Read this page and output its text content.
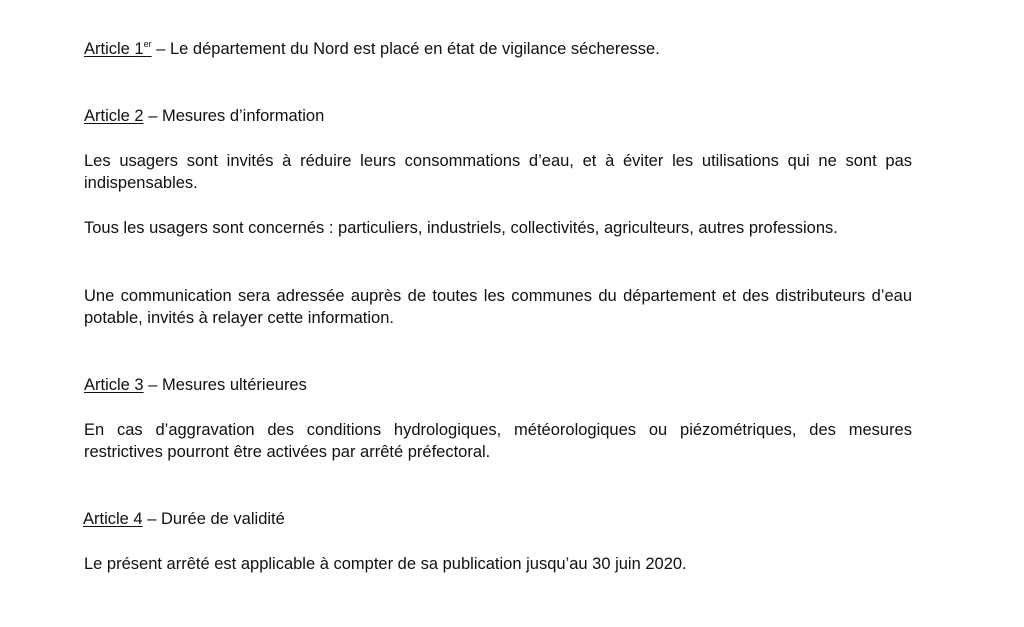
Article 1er – Le département du Nord est placé en état de vigilance sécheresse.

Article 2 – Mesures d’information

Les usagers sont invités à réduire leurs consommations d’eau, et à éviter les utilisations qui ne sont pas indispensables.

Tous les usagers sont concernés : particuliers, industriels, collectivités, agriculteurs, autres professions.

Une communication sera adressée auprès de toutes les communes du département et des distributeurs d’eau potable, invités à relayer cette information.

Article 3 – Mesures ultérieures

En cas d’aggravation des conditions hydrologiques, météorologiques ou piézométriques, des mesures restrictives pourront être activées par arrêté préfectoral.

Article 4 – Durée de validité

Le présent arrêté est applicable à compter de sa publication jusqu’au 30 juin 2020.
